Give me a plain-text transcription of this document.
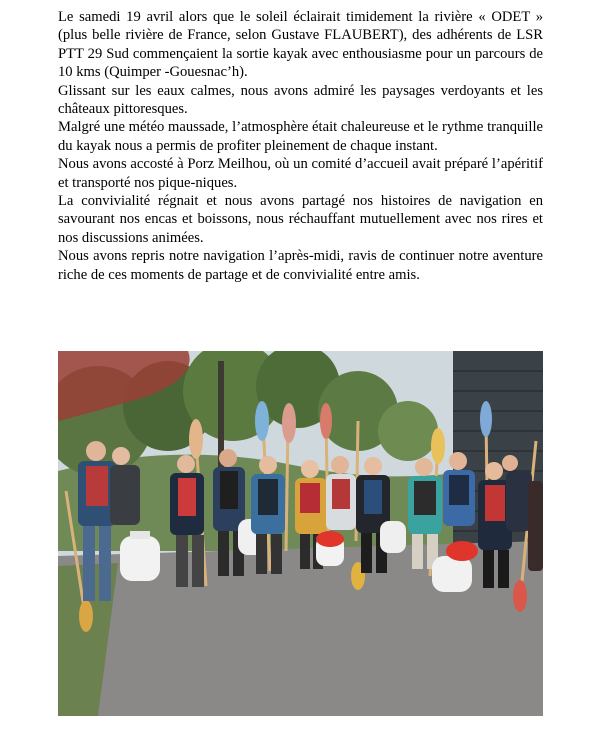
Le samedi 19 avril alors que le soleil éclairait timidement la rivière « ODET » (plus belle rivière de France, selon Gustave FLAUBERT), des adhérents de LSR PTT 29 Sud commençaient la sortie kayak avec enthousiasme pour un parcours de 10 kms (Quimper -Gouesnac’h).

Glissant sur les eaux calmes, nous avons admiré les paysages verdoyants et les châteaux pittoresques.

Malgré une météo maussade, l’atmosphère était chaleureuse et le rythme tranquille du kayak nous a permis de profiter pleinement de chaque instant.

Nous avons accosté à Porz Meilhou, où un comité d’accueil avait préparé l’apéritif et transporté nos pique-niques.

La convivialité régnait et nous avons partagé nos histoires de navigation en savourant nos encas et boissons, nous réchauffant mutuellement avec nos rires et nos discussions animées.

Nous avons repris notre navigation l’après-midi, ravis de continuer notre aventure riche de ces moments de partage et de convivialité entre amis.
